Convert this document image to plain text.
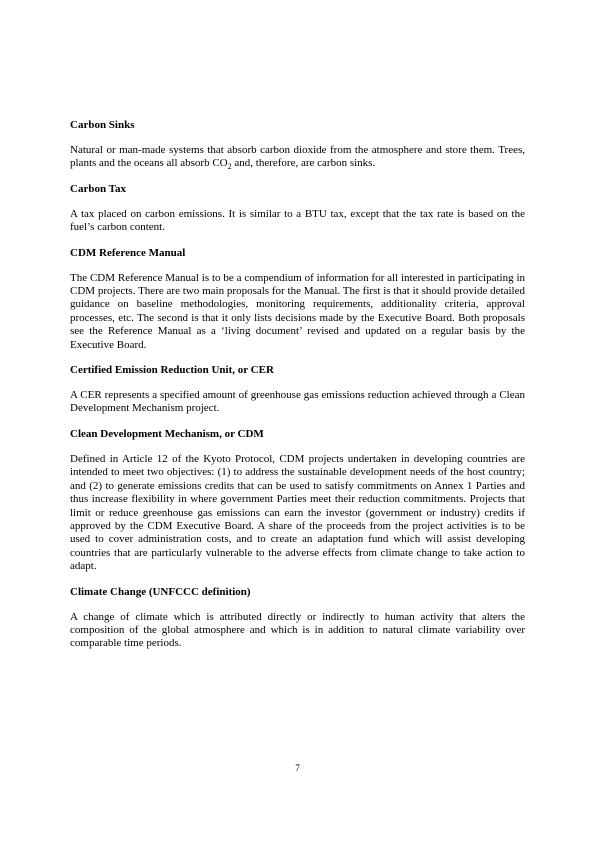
Carbon Sinks

Natural or man-made systems that absorb carbon dioxide from the atmosphere and store them. Trees, plants and the oceans all absorb $CO_2$ and, therefore, are carbon sinks.

Carbon Tax

A tax placed on carbon emissions. It is similar to a BTU tax, except that the tax rate is based on the fuel’s carbon content.

CDM Reference Manual

The CDM Reference Manual is to be a compendium of information for all interested in participating in CDM projects. There are two main proposals for the Manual. The first is that it should provide detailed guidance on baseline methodologies, monitoring requirements, additionality criteria, approval processes, etc. The second is that it only lists decisions made by the Executive Board. Both proposals see the Reference Manual as a ‘living document’ revised and updated on a regular basis by the Executive Board.

Certified Emission Reduction Unit, or CER

A CER represents a specified amount of greenhouse gas emissions reduction achieved through a Clean Development Mechanism project.

Clean Development Mechanism, or CDM

Defined in Article 12 of the Kyoto Protocol, CDM projects undertaken in developing countries are intended to meet two objectives: (1) to address the sustainable development needs of the host country; and (2) to generate emissions credits that can be used to satisfy commitments on Annex 1 Parties and thus increase flexibility in where government Parties meet their reduction commitments. Projects that limit or reduce greenhouse gas emissions can earn the investor (government or industry) credits if approved by the CDM Executive Board. A share of the proceeds from the project activities is to be used to cover administration costs, and to create an adaptation fund which will assist developing countries that are particularly vulnerable to the adverse effects from climate change to take action to adapt.

Climate Change (UNFCCC definition)

A change of climate which is attributed directly or indirectly to human activity that alters the composition of the global atmosphere and which is in addition to natural climate variability over comparable time periods.

7
